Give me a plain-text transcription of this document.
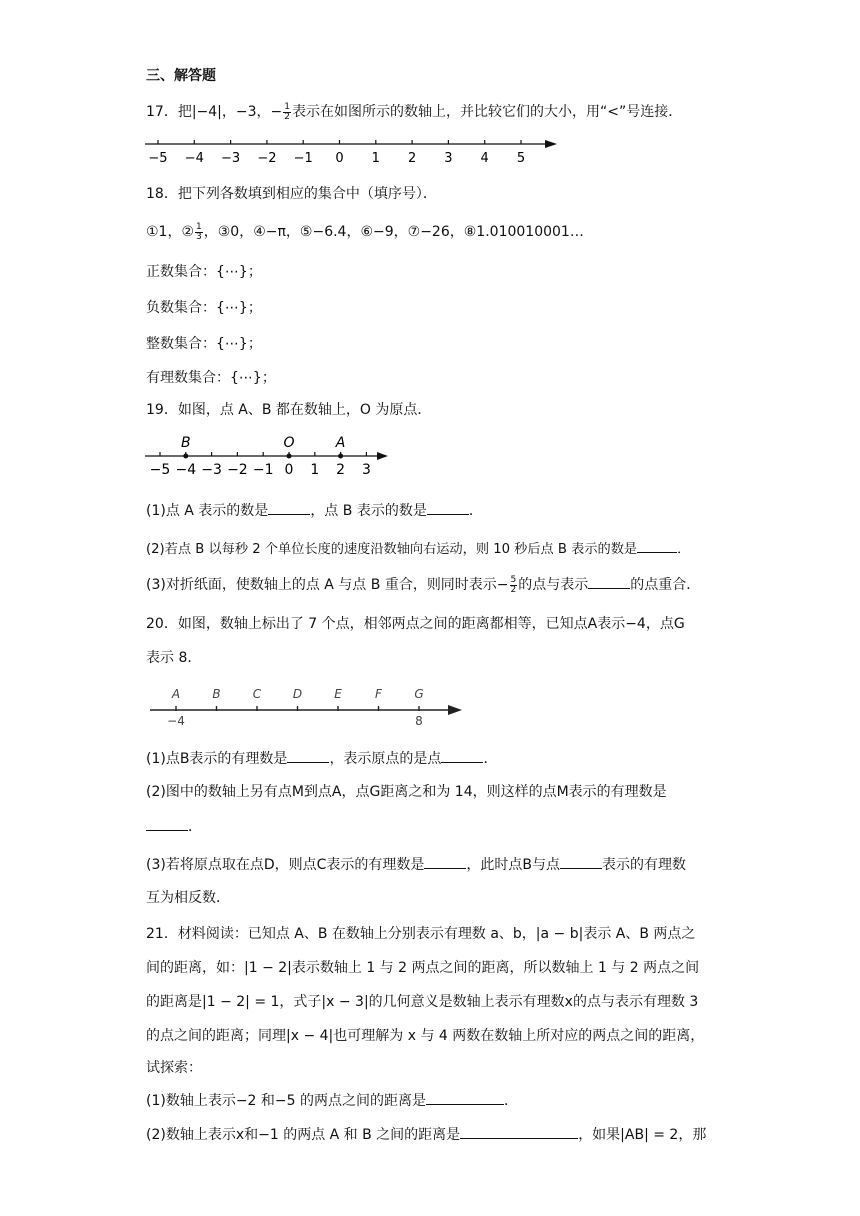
三、解答题
17．把|−4|，−3，− $\frac{1}{2}$ 表示在如图所示的数轴上，并比较它们的大小，用“<”号连接．
−5 −4 −3 −2 −1 0 1 2 3 4 5
18．把下列各数填到相应的集合中（填序号）．
①1，② $\frac{1}{3}$ ，③0，④−π，⑤−6.4，⑥−9，⑦−26，⑧1.010010001…
正数集合：{⋯}；
负数集合：{⋯}；
整数集合：{⋯}；
有理数集合：{⋯}；
19．如图，点 A、B 都在数轴上，O 为原点．
−5 −4 −3 −2 −1 0 1 2 3
B	O	A
(1)点 A 表示的数是	，点 B 表示的数是	．
(2)若点 B 以每秒 2 个单位长度的速度沿数轴向右运动，则 10 秒后点 B 表示的数是	．
(3)对折纸面，使数轴上的点 A 与点 B 重合，则同时表示− $\frac{5}{2}$ 的点与表示	的点重合．
20．如图，数轴上标出了 7 个点，相邻两点之间的距离都相等，已知点A表示−4，点G
表示 8．
A	B	C	D	E	F	G
−4	8
(1)点B表示的有理数是	，表示原点的是点	．
(2)图中的数轴上另有点M到点A，点G距离之和为 14，则这样的点M表示的有理数是
．
(3)若将原点取在点D，则点C表示的有理数是	，此时点B与点	表示的有理数
互为相反数．
21．材料阅读：已知点 A、B 在数轴上分别表示有理数 a、b，|a − b|表示 A、B 两点之
间的距离，如：|1 − 2|表示数轴上 1 与 2 两点之间的距离，所以数轴上 1 与 2 两点之间
的距离是|1 − 2| = 1，式子|x − 3|的几何意义是数轴上表示有理数x的点与表示有理数 3
的点之间的距离；同理|x − 4|也可理解为 x 与 4 两数在数轴上所对应的两点之间的距离，
试探索：
(1)数轴上表示−2 和−5 的两点之间的距离是	．
(2)数轴上表示x和−1 的两点 A 和 B 之间的距离是	，如果|AB| = 2，那
